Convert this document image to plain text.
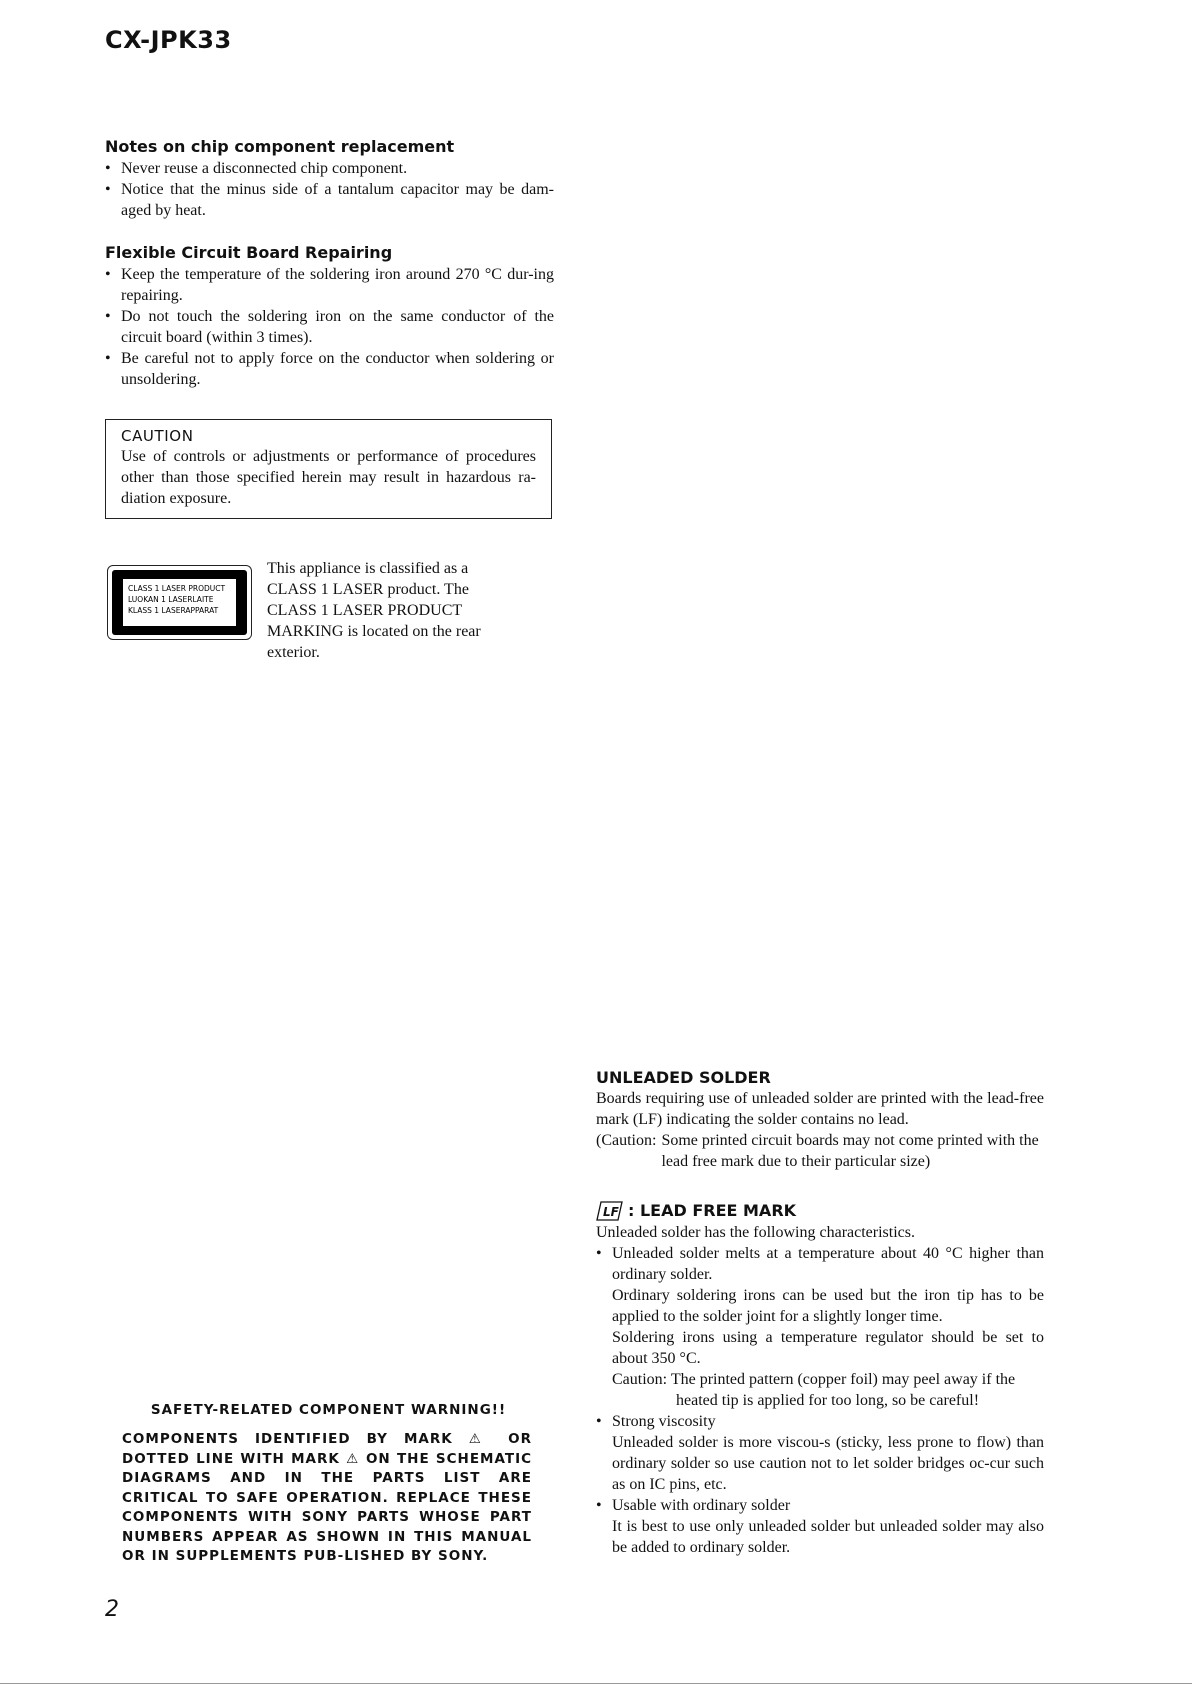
CX-JPK33
Notes on chip component replacement
• Never reuse a disconnected chip component.
• Notice that the minus side of a tantalum capacitor may be dam-aged by heat.
Flexible Circuit Board Repairing
• Keep the temperature of the soldering iron around 270 °C dur-ing repairing.
• Do not touch the soldering iron on the same conductor of the circuit board (within 3 times).
• Be careful not to apply force on the conductor when soldering or unsoldering.
CAUTION
Use of controls or adjustments or performance of procedures other than those specified herein may result in hazardous ra-diation exposure.
CLASS 1 LASER PRODUCT
LUOKAN 1 LASERLAITE
KLASS 1 LASERAPPARAT
This appliance is classified as a CLASS 1 LASER product. The CLASS 1 LASER PRODUCT MARKING is located on the rear exterior.
SAFETY-RELATED COMPONENT WARNING!!
COMPONENTS IDENTIFIED BY MARK ⚠ OR DOTTED LINE WITH MARK ⚠ ON THE SCHEMATIC DIAGRAMS AND IN THE PARTS LIST ARE CRITICAL TO SAFE OPERATION. REPLACE THESE COMPONENTS WITH SONY PARTS WHOSE PART NUMBERS APPEAR AS SHOWN IN THIS MANUAL OR IN SUPPLEMENTS PUB-LISHED BY SONY.
UNLEADED SOLDER

Boards requiring use of unleaded solder are printed with the lead-free mark (LF) indicating the solder contains no lead.

(Caution: Some printed circuit boards may not come printed with the lead free mark due to their particular size)
LF : LEAD FREE MARK

Unleaded solder has the following characteristics.

• Unleaded solder melts at a temperature about 40 °C higher than ordinary solder.

Ordinary soldering irons can be used but the iron tip has to be applied to the solder joint for a slightly longer time.

Soldering irons using a temperature regulator should be set to about 350 °C.

Caution: The printed pattern (copper foil) may peel away if the heated tip is applied for too long, so be careful!

• Strong viscosity

Unleaded solder is more viscou-s (sticky, less prone to flow) than ordinary solder so use caution not to let solder bridges oc-cur such as on IC pins, etc.

• Usable with ordinary solder

It is best to use only unleaded solder but unleaded solder may also be added to ordinary solder.

2
